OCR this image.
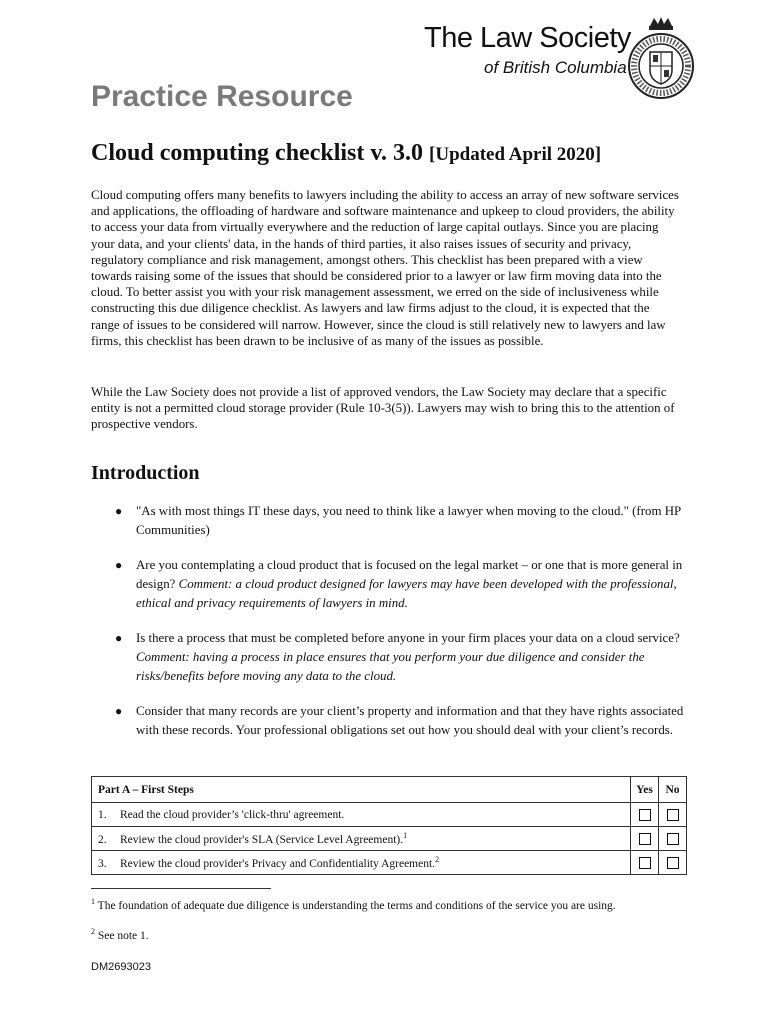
The Law Society
of British Columbia
Practice Resource
Cloud computing checklist v. 3.0 [Updated April 2020]

Cloud computing offers many benefits to lawyers including the ability to access an array of new software services and applications, the offloading of hardware and software maintenance and upkeep to cloud providers, the ability to access your data from virtually everywhere and the reduction of large capital outlays. Since you are placing your data, and your clients' data, in the hands of third parties, it also raises issues of security and privacy, regulatory compliance and risk management, amongst others. This checklist has been prepared with a view towards raising some of the issues that should be considered prior to a lawyer or law firm moving data into the cloud. To better assist you with your risk management assessment, we erred on the side of inclusiveness while constructing this due diligence checklist. As lawyers and law firms adjust to the cloud, it is expected that the range of issues to be considered will narrow. However, since the cloud is still relatively new to lawyers and law firms, this checklist has been drawn to be inclusive of as many of the issues as possible.

While the Law Society does not provide a list of approved vendors, the Law Society may declare that a specific entity is not a permitted cloud storage provider (Rule 10-3(5)). Lawyers may wish to bring this to the attention of prospective vendors.

Introduction
● "As with most things IT these days, you need to think like a lawyer when moving to the cloud." (from HP Communities)
● Are you contemplating a cloud product that is focused on the legal market – or one that is more general in design? Comment: a cloud product designed for lawyers may have been developed with the professional, ethical and privacy requirements of lawyers in mind.
● Is there a process that must be completed before anyone in your firm places your data on a cloud service? Comment: having a process in place ensures that you perform your due diligence and consider the risks/benefits before moving any data to the cloud.
● Consider that many records are your client’s property and information and that they have rights associated with these records. Your professional obligations set out how you should deal with your client’s records.
Part A – First Steps	Yes	No
1. Read the cloud provider’s 'click-thru' agreement.		
2. Review the cloud provider's SLA (Service Level Agreement).$^1$		
3. Review the cloud provider's Privacy and Confidentiality Agreement.$^2$		
$^1$ The foundation of adequate due diligence is understanding the terms and conditions of the service you are using.
$^2$ See note 1.
DM2693023
